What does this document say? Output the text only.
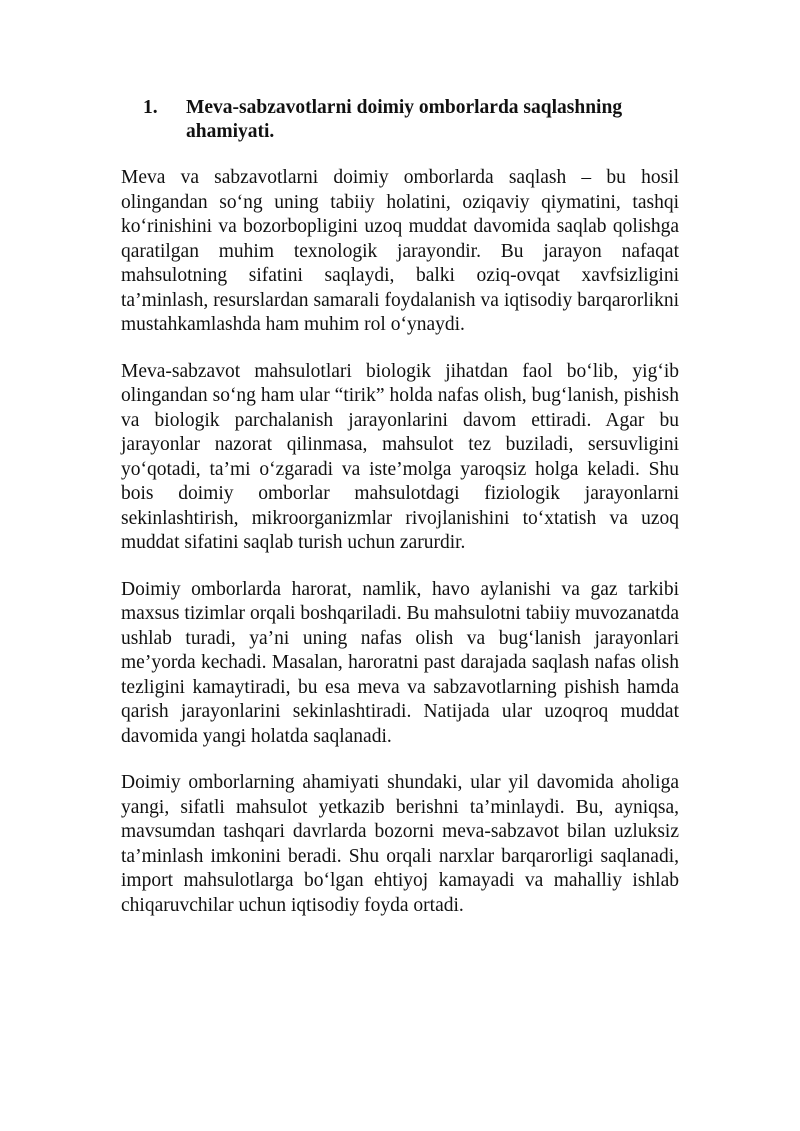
1.	Meva-sabzavotlarni doimiy omborlarda saqlashning ahamiyati.

Meva va sabzavotlarni doimiy omborlarda saqlash – bu hosil olingandan so‘ng uning tabiiy holatini, oziqaviy qiymatini, tashqi ko‘rinishini va bozorbopligini uzoq muddat davomida saqlab qolishga qaratilgan muhim texnologik jarayondir. Bu jarayon nafaqat mahsulotning sifatini saqlaydi, balki oziq-ovqat xavfsizligini ta’minlash, resurslardan samarali foydalanish va iqtisodiy barqarorlikni mustahkamlashda ham muhim rol o‘ynaydi.

Meva-sabzavot mahsulotlari biologik jihatdan faol bo‘lib, yig‘ib olingandan so‘ng ham ular “tirik” holda nafas olish, bug‘lanish, pishish va biologik parchalanish jarayonlarini davom ettiradi. Agar bu jarayonlar nazorat qilinmasa, mahsulot tez buziladi, sersuvligini yo‘qotadi, ta’mi o‘zgaradi va iste’molga yaroqsiz holga keladi. Shu bois doimiy omborlar mahsulotdagi fiziologik jarayonlarni sekinlashtirish, mikroorganizmlar rivojlanishini to‘xtatish va uzoq muddat sifatini saqlab turish uchun zarurdir.

Doimiy omborlarda harorat, namlik, havo aylanishi va gaz tarkibi maxsus tizimlar orqali boshqariladi. Bu mahsulotni tabiiy muvozanatda ushlab turadi, ya’ni uning nafas olish va bug‘lanish jarayonlari me’yorda kechadi. Masalan, haroratni past darajada saqlash nafas olish tezligini kamaytiradi, bu esa meva va sabzavotlarning pishish hamda qarish jarayonlarini sekinlashtiradi. Natijada ular uzoqroq muddat davomida yangi holatda saqlanadi.

Doimiy omborlarning ahamiyati shundaki, ular yil davomida aholiga yangi, sifatli mahsulot yetkazib berishni ta’minlaydi. Bu, ayniqsa, mavsumdan tashqari davrlarda bozorni meva-sabzavot bilan uzluksiz ta’minlash imkonini beradi. Shu orqali narxlar barqarorligi saqlanadi, import mahsulotlarga bo‘lgan ehtiyoj kamayadi va mahalliy ishlab chiqaruvchilar uchun iqtisodiy foyda ortadi.
